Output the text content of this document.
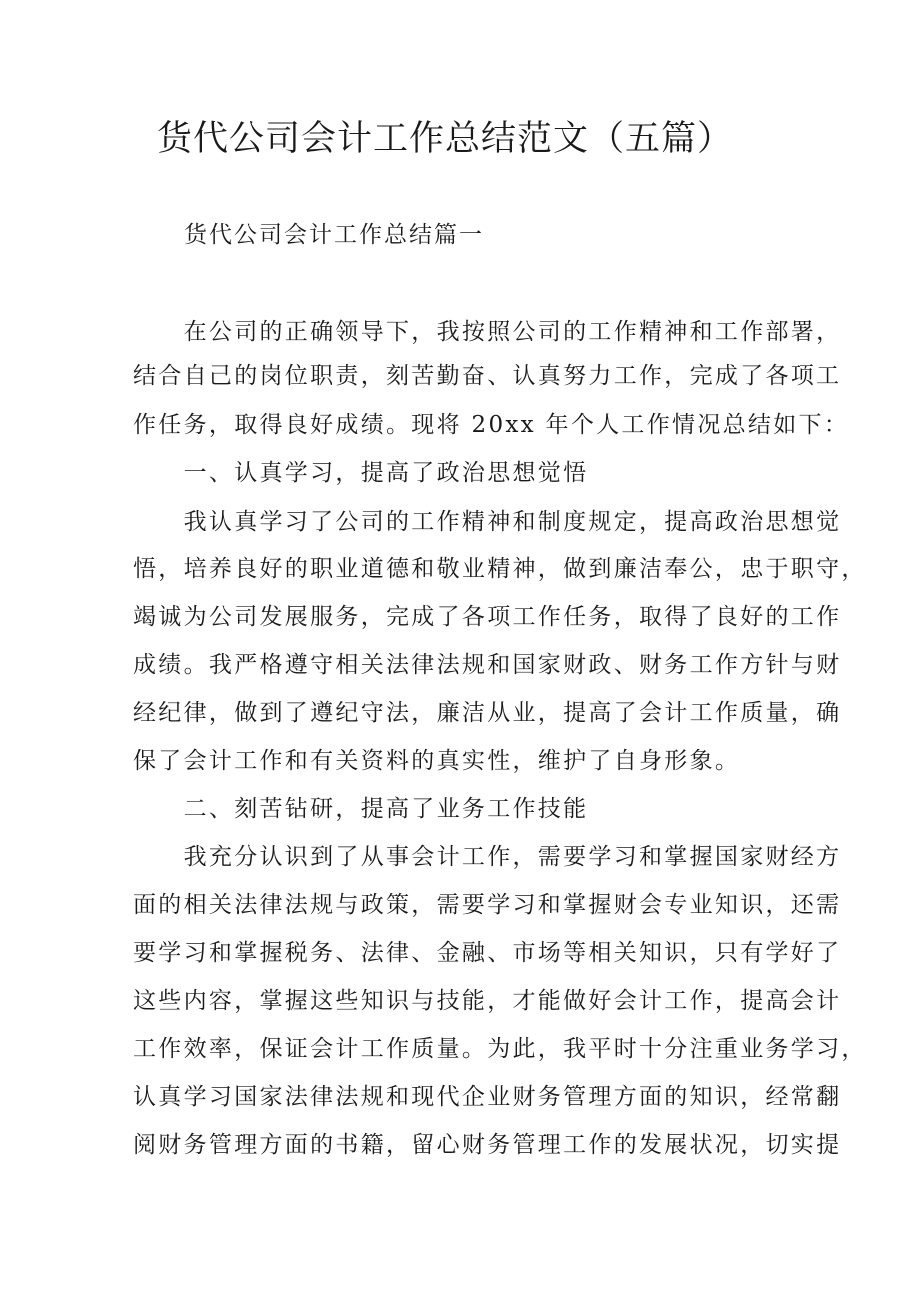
货代公司会计工作总结范文（五篇）

货代公司会计工作总结篇一

　　在公司的正确领导下，我按照公司的工作精神和工作部署，

结合自己的岗位职责，刻苦勤奋、认真努力工作，完成了各项工

作任务，取得良好成绩。现将 20xx 年个人工作情况总结如下：

　　一、认真学习，提高了政治思想觉悟

　　我认真学习了公司的工作精神和制度规定，提高政治思想觉

悟，培养良好的职业道德和敬业精神，做到廉洁奉公，忠于职守，

竭诚为公司发展服务，完成了各项工作任务，取得了良好的工作

成绩。我严格遵守相关法律法规和国家财政、财务工作方针与财

经纪律，做到了遵纪守法，廉洁从业，提高了会计工作质量，确

保了会计工作和有关资料的真实性，维护了自身形象。

　　二、刻苦钻研，提高了业务工作技能

　　我充分认识到了从事会计工作，需要学习和掌握国家财经方

面的相关法律法规与政策，需要学习和掌握财会专业知识，还需

要学习和掌握税务、法律、金融、市场等相关知识，只有学好了

这些内容，掌握这些知识与技能，才能做好会计工作，提高会计

工作效率，保证会计工作质量。为此，我平时十分注重业务学习，

认真学习国家法律法规和现代企业财务管理方面的知识，经常翻

阅财务管理方面的书籍，留心财务管理工作的发展状况，切实提
